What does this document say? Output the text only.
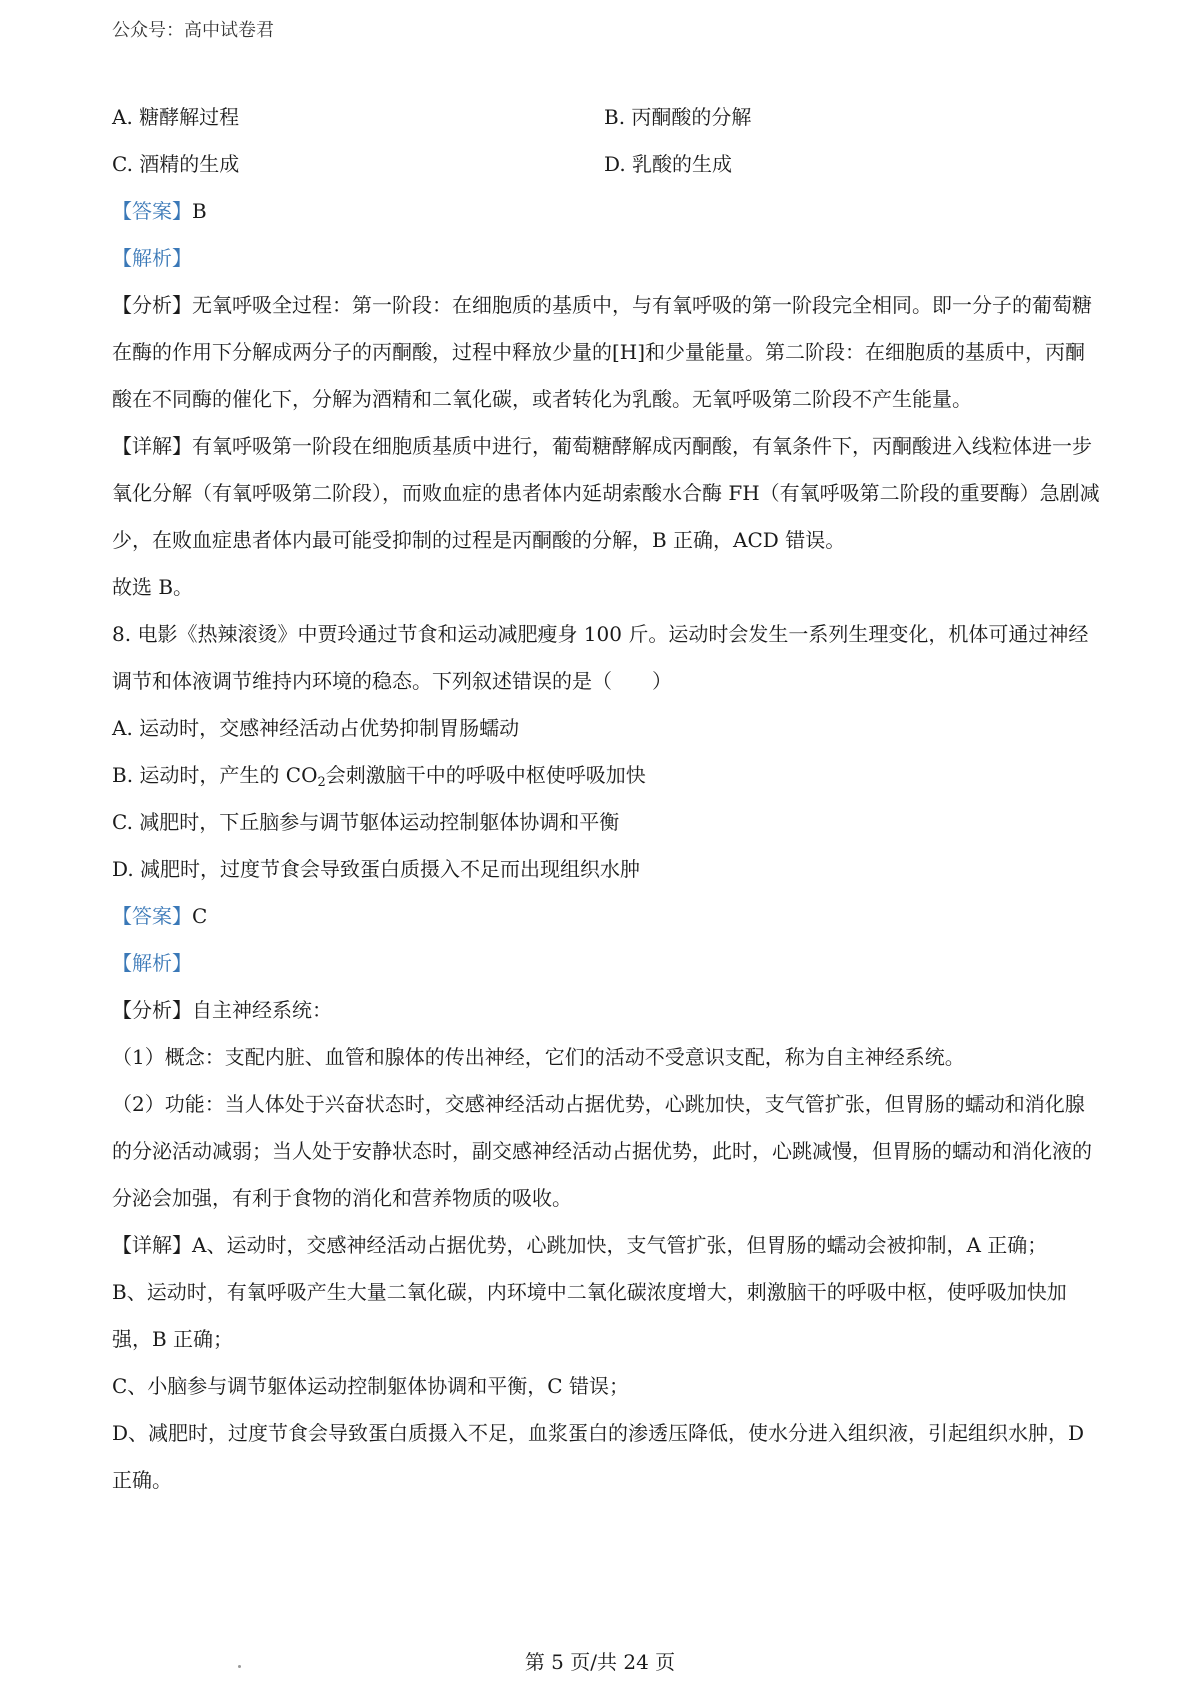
公众号：高中试卷君
A. 糖酵解过程	B. 丙酮酸的分解
C. 酒精的生成	D. 乳酸的生成

【答案】B

【解析】

【分析】无氧呼吸全过程：第一阶段：在细胞质的基质中，与有氧呼吸的第一阶段完全相同。即一分子的葡萄糖在酶的作用下分解成两分子的丙酮酸，过程中释放少量的[H]和少量能量。第二阶段：在细胞质的基质中，丙酮酸在不同酶的催化下，分解为酒精和二氧化碳，或者转化为乳酸。无氧呼吸第二阶段不产生能量。

【详解】有氧呼吸第一阶段在细胞质基质中进行，葡萄糖酵解成丙酮酸，有氧条件下，丙酮酸进入线粒体进一步氧化分解（有氧呼吸第二阶段），而败血症的患者体内延胡索酸水合酶 FH（有氧呼吸第二阶段的重要酶）急剧减少，在败血症患者体内最可能受抑制的过程是丙酮酸的分解，B 正确，ACD 错误。

故选 B。

8. 电影《热辣滚烫》中贾玲通过节食和运动减肥瘦身 100 斤。运动时会发生一系列生理变化，机体可通过神经调节和体液调节维持内环境的稳态。下列叙述错误的是（　　）

A. 运动时，交感神经活动占优势抑制胃肠蠕动

B. 运动时，产生的 $CO_2$会刺激脑干中的呼吸中枢使呼吸加快

C. 减肥时，下丘脑参与调节躯体运动控制躯体协调和平衡

D. 减肥时，过度节食会导致蛋白质摄入不足而出现组织水肿

【答案】C

【解析】

【分析】自主神经系统：

（1）概念：支配内脏、血管和腺体的传出神经，它们的活动不受意识支配，称为自主神经系统。

（2）功能：当人体处于兴奋状态时，交感神经活动占据优势，心跳加快，支气管扩张，但胃肠的蠕动和消化腺的分泌活动减弱；当人处于安静状态时，副交感神经活动占据优势，此时，心跳减慢，但胃肠的蠕动和消化液的分泌会加强，有利于食物的消化和营养物质的吸收。

【详解】A、运动时，交感神经活动占据优势，心跳加快，支气管扩张，但胃肠的蠕动会被抑制，A 正确；

B、运动时，有氧呼吸产生大量二氧化碳，内环境中二氧化碳浓度增大，刺激脑干的呼吸中枢，使呼吸加快加强，B 正确；

C、小脑参与调节躯体运动控制躯体协调和平衡，C 错误；

D、减肥时，过度节食会导致蛋白质摄入不足，血浆蛋白的渗透压降低，使水分进入组织液，引起组织水肿，D 正确。

第 5 页/共 24 页
